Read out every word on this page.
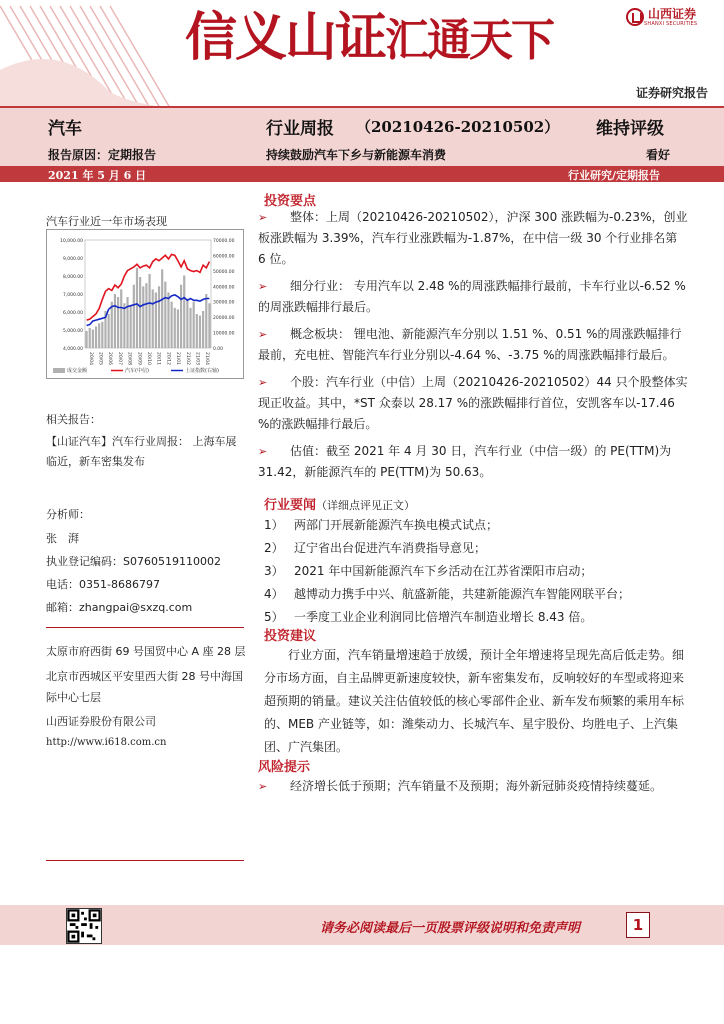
信义山证汇通天下
山西证券
SHANXI SECURITIES
证券研究报告
汽车	行业周报 （20210426-20210502） 维持评级
报告原因：定期报告	持续鼓励汽车下乡与新能源车消费	看好
2021 年 5 月 6 日	行业研究/定期报告
汽车行业近一年市场表现
4,000.00
5,000.00
6,000.00
7,000.00
8,000.00
9,000.00
10,000.00
0.00
10000.00
20000.00
30000.00
40000.00
50000.00
60000.00
70000.00
20/04 20/05 20/06 20/07 20/08 20/09 20/10 20/11 20/12 21/01 21/02 21/03 21/04
成交金额	汽车(中信)	上证指数(右轴)
相关报告：
【山证汽车】汽车行业周报： 上海车展临近，新车密集发布
分析师：
张　湃
执业登记编码：S0760519110002
电话：0351-8686797
邮箱：zhangpai@sxzq.com
太原市府西街 69 号国贸中心 A 座 28 层
北京市西城区平安里西大街 28 号中海国际中心七层
山西证券股份有限公司
http://www.i618.com.cn
投资要点
➢ 整体：上周（20210426-20210502），沪深 300 涨跌幅为-0.23%，创业板涨跌幅为 3.39%，汽车行业涨跌幅为-1.87%，在中信一级 30 个行业排名第 6 位。
➢ 细分行业： 专用汽车以 2.48 %的周涨跌幅排行最前，卡车行业以-6.52 %的周涨跌幅排行最后。
➢ 概念板块： 锂电池、新能源汽车分别以 1.51 %、0.51 %的周涨跌幅排行最前，充电桩、智能汽车行业分别以-4.64 %、-3.75 %的周涨跌幅排行最后。
➢ 个股：汽车行业（中信）上周（20210426-20210502）44 只个股整体实现正收益。其中，*ST 众泰以 28.17 %的涨跌幅排行首位，安凯客车以-17.46 %的涨跌幅排行最后。
➢ 估值：截至 2021 年 4 月 30 日，汽车行业（中信一级）的 PE(TTM)为 31.42，新能源汽车的 PE(TTM)为 50.63。
行业要闻（详细点评见正文）
1） 两部门开展新能源汽车换电模式试点；
2） 辽宁省出台促进汽车消费指导意见；
3） 2021 年中国新能源汽车下乡活动在江苏省溧阳市启动；
4） 越博动力携手中兴、航盛新能，共建新能源汽车智能网联平台；
5） 一季度工业企业利润同比倍增汽车制造业增长 8.43 倍。
投资建议
行业方面，汽车销量增速趋于放缓，预计全年增速将呈现先高后低走势。细分市场方面，自主品牌更新速度较快，新车密集发布，反响较好的车型或将迎来超预期的销量。建议关注估值较低的核心零部件企业、新车发布频繁的乘用车标的、MEB 产业链等，如：潍柴动力、长城汽车、星宇股份、均胜电子、上汽集团、广汽集团。
风险提示
➢ 经济增长低于预期；汽车销量不及预期；海外新冠肺炎疫情持续蔓延。
请务必阅读最后一页股票评级说明和免责声明	1
